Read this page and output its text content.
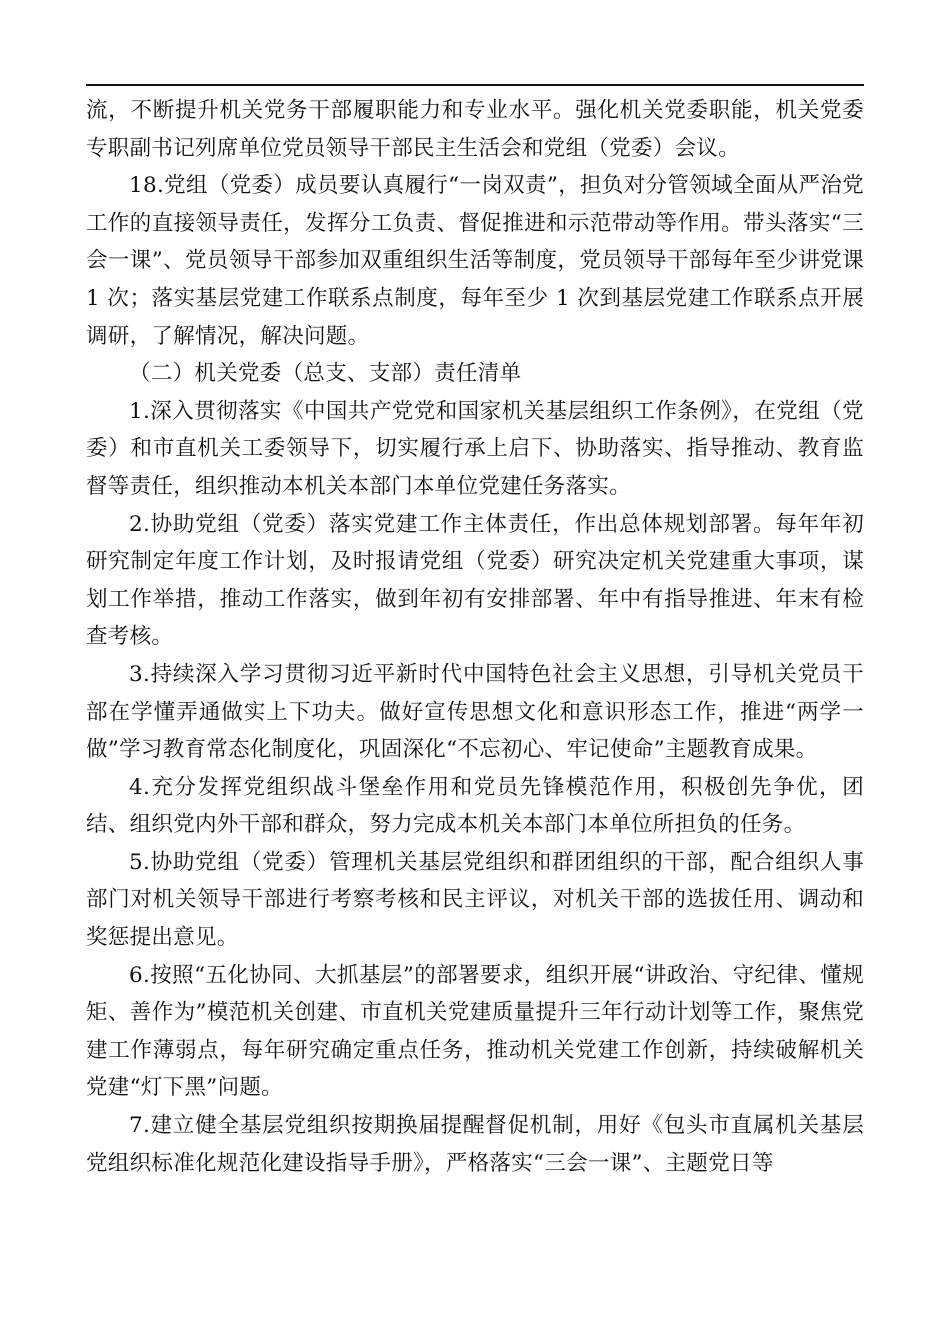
流，不断提升机关党务干部履职能力和专业水平。强化机关党委职能，机关党委专职副书记列席单位党员领导干部民主生活会和党组（党委）会议。

18.党组（党委）成员要认真履行“一岗双责”，担负对分管领域全面从严治党工作的直接领导责任，发挥分工负责、督促推进和示范带动等作用。带头落实“三会一课”、党员领导干部参加双重组织生活等制度，党员领导干部每年至少讲党课 1 次；落实基层党建工作联系点制度，每年至少 1 次到基层党建工作联系点开展调研，了解情况，解决问题。

（二）机关党委（总支、支部）责任清单

1.深入贯彻落实《中国共产党党和国家机关基层组织工作条例》，在党组（党委）和市直机关工委领导下，切实履行承上启下、协助落实、指导推动、教育监督等责任，组织推动本机关本部门本单位党建任务落实。

2.协助党组（党委）落实党建工作主体责任，作出总体规划部署。每年年初研究制定年度工作计划，及时报请党组（党委）研究决定机关党建重大事项，谋划工作举措，推动工作落实，做到年初有安排部署、年中有指导推进、年末有检查考核。

3.持续深入学习贯彻习近平新时代中国特色社会主义思想，引导机关党员干部在学懂弄通做实上下功夫。做好宣传思想文化和意识形态工作，推进“两学一做”学习教育常态化制度化，巩固深化“不忘初心、牢记使命”主题教育成果。

4.充分发挥党组织战斗堡垒作用和党员先锋模范作用，积极创先争优，团结、组织党内外干部和群众，努力完成本机关本部门本单位所担负的任务。

5.协助党组（党委）管理机关基层党组织和群团组织的干部，配合组织人事部门对机关领导干部进行考察考核和民主评议，对机关干部的选拔任用、调动和奖惩提出意见。

6.按照“五化协同、大抓基层”的部署要求，组织开展“讲政治、守纪律、懂规矩、善作为”模范机关创建、市直机关党建质量提升三年行动计划等工作，聚焦党建工作薄弱点，每年研究确定重点任务，推动机关党建工作创新，持续破解机关党建“灯下黑”问题。

7.建立健全基层党组织按期换届提醒督促机制，用好《包头市直属机关基层党组织标准化规范化建设指导手册》，严格落实“三会一课”、主题党日等
